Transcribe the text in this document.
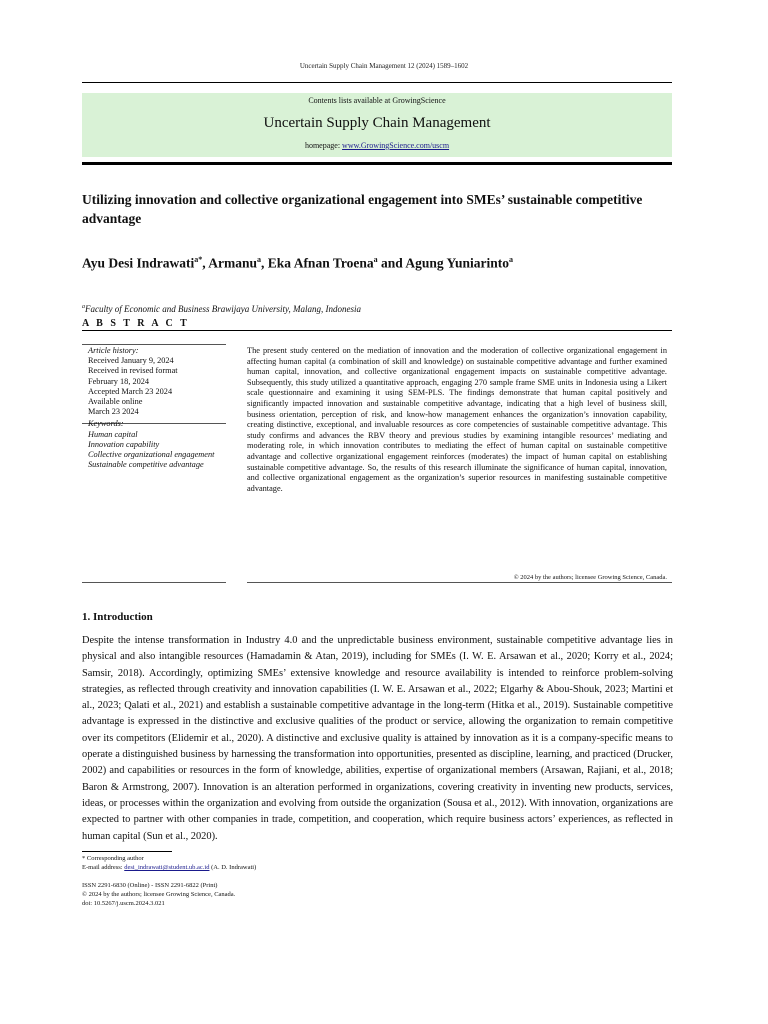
Uncertain Supply Chain Management 12 (2024) 1589–1602
Contents lists available at GrowingScience
Uncertain Supply Chain Management
homepage: www.GrowingScience.com/uscm
Utilizing innovation and collective organizational engagement into SMEs’ sustainable competitive advantage
Ayu Desi Indrawati$^{a*}$, Armanu$^a$, Eka Afnan Troena$^a$ and Agung Yuniarinto$^a$
$^a$Faculty of Economic and Business Brawijaya University, Malang, Indonesia
A B S T R A C T
Article history:
Received January 9, 2024
Received in revised format
February 18, 2024
Accepted March 23 2024
Available online
March 23 2024
Keywords:
Human capital
Innovation capability
Collective organizational engagement
Sustainable competitive advantage
The present study centered on the mediation of innovation and the moderation of collective organizational engagement in affecting human capital (a combination of skill and knowledge) on sustainable competitive advantage and further examined human capital, innovation, and collective organizational engagement impacts on sustainable competitive advantage. Subsequently, this study utilized a quantitative approach, engaging 270 sample frame SME units in Indonesia using a Likert scale questionnaire and examining it using SEM-PLS. The findings demonstrate that human capital positively and significantly impacted innovation and sustainable competitive advantage, indicating that a high level of business skill, business orientation, perception of risk, and know-how management enhances the organization’s innovation capability, creating distinctive, exceptional, and invaluable resources as core competencies of sustainable competitive advantage. This study confirms and advances the RBV theory and previous studies by examining intangible resources’ mediating and moderating role, in which innovation contributes to mediating the effect of human capital on sustainable competitive advantage and collective organizational engagement reinforces (moderates) the impact of human capital on establishing sustainable competitive advantage. So, the results of this research illuminate the significance of human capital, innovation, and collective organizational engagement as the organization’s superior resources in manifesting sustainable competitive advantage.
© 2024 by the authors; licensee Growing Science, Canada.
1. Introduction
Despite the intense transformation in Industry 4.0 and the unpredictable business environment, sustainable competitive advantage lies in physical and also intangible resources (Hamadamin & Atan, 2019), including for SMEs (I. W. E. Arsawan et al., 2020; Korry et al., 2024; Samsir, 2018). Accordingly, optimizing SMEs’ extensive knowledge and resource availability is intended to reinforce problem-solving strategies, as reflected through creativity and innovation capabilities (I. W. E. Arsawan et al., 2022; Elgarhy & Abou-Shouk, 2023; Martini et al., 2023; Qalati et al., 2021) and establish a sustainable competitive advantage in the long-term (Hitka et al., 2019). Sustainable competitive advantage is expressed in the distinctive and exclusive qualities of the product or service, allowing the organization to remain competitive over its competitors (Elidemir et al., 2020). A distinctive and exclusive quality is attained by innovation as it is a company-specific means to operate a distinguished business by harnessing the transformation into opportunities, presented as discipline, learning, and practiced (Drucker, 2002) and capabilities or resources in the form of knowledge, abilities, expertise of organizational members (Arsawan, Rajiani, et al., 2018; Baron & Armstrong, 2007). Innovation is an alteration performed in organizations, covering creativity in inventing new products, services, ideas, or processes within the organization and evolving from outside the organization (Sousa et al., 2012). With innovation, organizations are expected to partner with other companies in trade, competition, and cooperation, which require business actors’ experiences, as reflected in human capital (Sun et al., 2020).
* Corresponding author
E-mail address: desi_indrawati@student.ub.ac.id (A. D. Indrawati)
ISSN 2291-6830 (Online) - ISSN 2291-6822 (Print)
© 2024 by the authors; licensee Growing Science, Canada.
doi: 10.5267/j.uscm.2024.3.021
